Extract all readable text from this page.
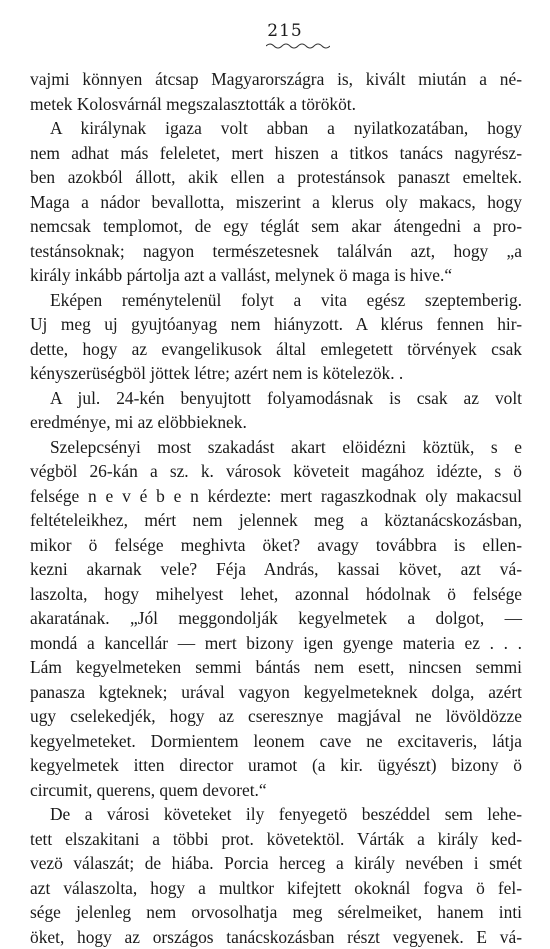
215
vajmi könnyen átcsap Magyarországra is, kivált miután a né-
metek Kolosvárnál megszalasztották a törököt.
A királynak igaza volt abban a nyilatkozatában, hogy
nem adhat más feleletet, mert hiszen a titkos tanács nagyrész-
ben azokból állott, akik ellen a protestánsok panaszt emeltek.
Maga a nádor bevallotta, miszerint a klerus oly makacs, hogy
nemcsak templomot, de egy téglát sem akar átengedni a pro-
testánsoknak; nagyon természetesnek találván azt, hogy „a
király inkább pártolja azt a vallást, melynek ö maga is hive.“
Eképen reménytelenül folyt a vita egész szeptemberig.
Uj meg uj gyujtóanyag nem hiányzott. A klérus fennen hir-
dette, hogy az evangelikusok által emlegetett törvények csak
kényszerüségböl jöttek létre; azért nem is kötelezök. .
A jul. 24-kén benyujtott folyamodásnak is csak az volt
eredménye, mi az elöbbieknek.
Szelepcsényi most szakadást akart elöidézni köztük, s e
végböl 26-kán a sz. k. városok követeit magához idézte, s ö
felsége n e v é b e n kérdezte: mert ragaszkodnak oly makacsul
feltételeikhez, mért nem jelennek meg a köztanácskozásban,
mikor ö felsége meghivta öket? avagy továbbra is ellen-
kezni akarnak vele? Féja András, kassai követ, azt vá-
laszolta, hogy mihelyest lehet, azonnal hódolnak ö felsége
akaratának. „Jól meggondolják kegyelmetek a dolgot, —
mondá a kancellár — mert bizony igen gyenge materia ez . . .
Lám kegyelmeteken semmi bántás nem esett, nincsen semmi
panasza kgteknek; urával vagyon kegyelmeteknek dolga, azért
ugy cselekedjék, hogy az cseresznye magjával ne lövöldözze
kegyelmeteket. Dormientem leonem cave ne excitaveris, látja
kegyelmetek itten director uramot (a kir. ügyészt) bizony ö
circumit, querens, quem devoret.“
De a városi követeket ily fenyegetö beszéddel sem lehe-
tett elszakitani a többi prot. követektöl. Várták a király ked-
vezö válaszát; de hiába. Porcia herceg a király nevében i smét
azt válaszolta, hogy a multkor kifejtett okoknál fogva ö fel-
sége jelenleg nem orvosolhatja meg sérelmeiket, hanem inti
öket, hogy az országos tanácskozásban részt vegyenek. E vá-
